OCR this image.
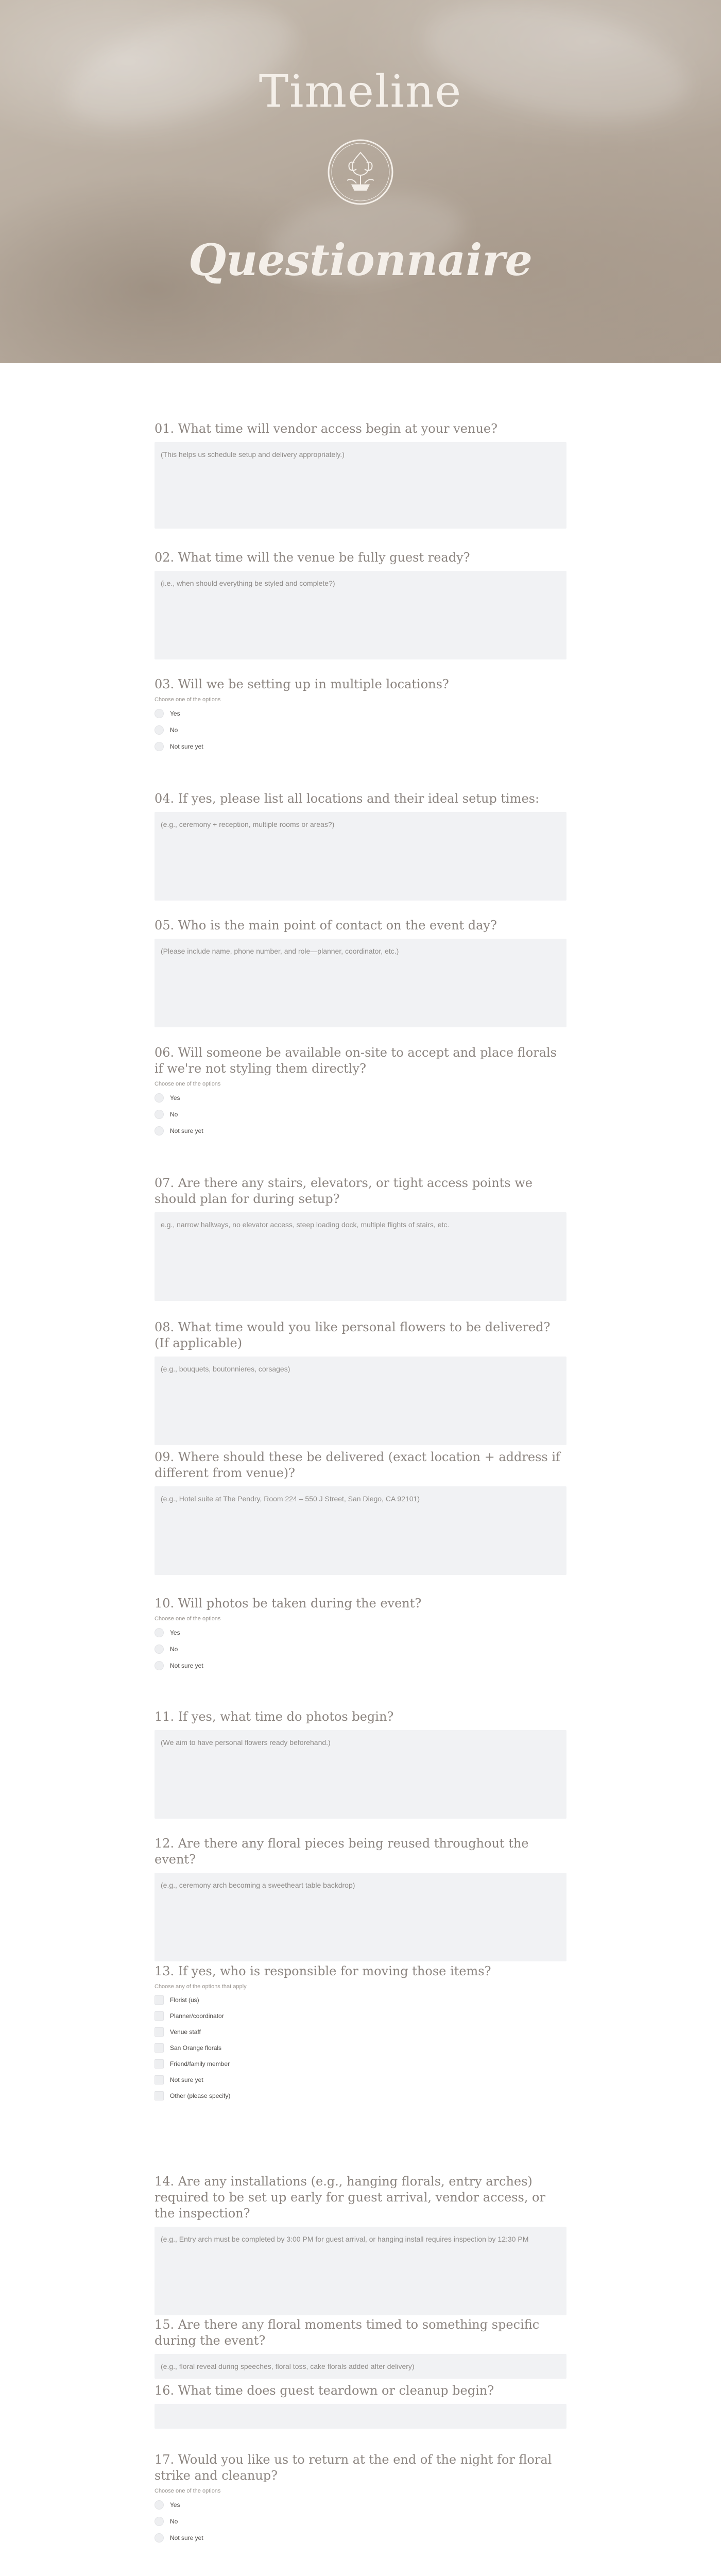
Timeline
Questionnaire
01. What time will vendor access begin at your venue?
(This helps us schedule setup and delivery appropriately.)
02. What time will the venue be fully guest ready?
(i.e., when should everything be styled and complete?)
03. Will we be setting up in multiple locations?
Choose one of the options
Yes
No
Not sure yet
04. If yes, please list all locations and their ideal setup times:
(e.g., ceremony + reception, multiple rooms or areas?)
05. Who is the main point of contact on the event day?
(Please include name, phone number, and role—planner, coordinator, etc.)
06. Will someone be available on-site to accept and place florals if we're not styling them directly?
Choose one of the options
Yes
No
Not sure yet
07. Are there any stairs, elevators, or tight access points we should plan for during setup?
e.g., narrow hallways, no elevator access, steep loading dock, multiple flights of stairs, etc.
08. What time would you like personal flowers to be delivered? (If applicable)
(e.g., bouquets, boutonnieres, corsages)
09. Where should these be delivered (exact location + address if different from venue)?
(e.g., Hotel suite at The Pendry, Room 224 – 550 J Street, San Diego, CA 92101)
10. Will photos be taken during the event?
Choose one of the options
Yes
No
Not sure yet
11. If yes, what time do photos begin?
(We aim to have personal flowers ready beforehand.)
12. Are there any floral pieces being reused throughout the event?
(e.g., ceremony arch becoming a sweetheart table backdrop)
13. If yes, who is responsible for moving those items?
Choose any of the options that apply
Florist (us)
Planner/coordinator
Venue staff
San Orange florals
Friend/family member
Not sure yet
Other (please specify)
14. Are any installations (e.g., hanging florals, entry arches) required to be set up early for guest arrival, vendor access, or the inspection?
(e.g., Entry arch must be completed by 3:00 PM for guest arrival, or hanging install requires inspection by 12:30 PM
15. Are there any floral moments timed to something specific during the event?
(e.g., floral reveal during speeches, floral toss, cake florals added after delivery)
16. What time does guest teardown or cleanup begin?
17. Would you like us to return at the end of the night for floral strike and cleanup?
Choose one of the options
Yes
No
Not sure yet
